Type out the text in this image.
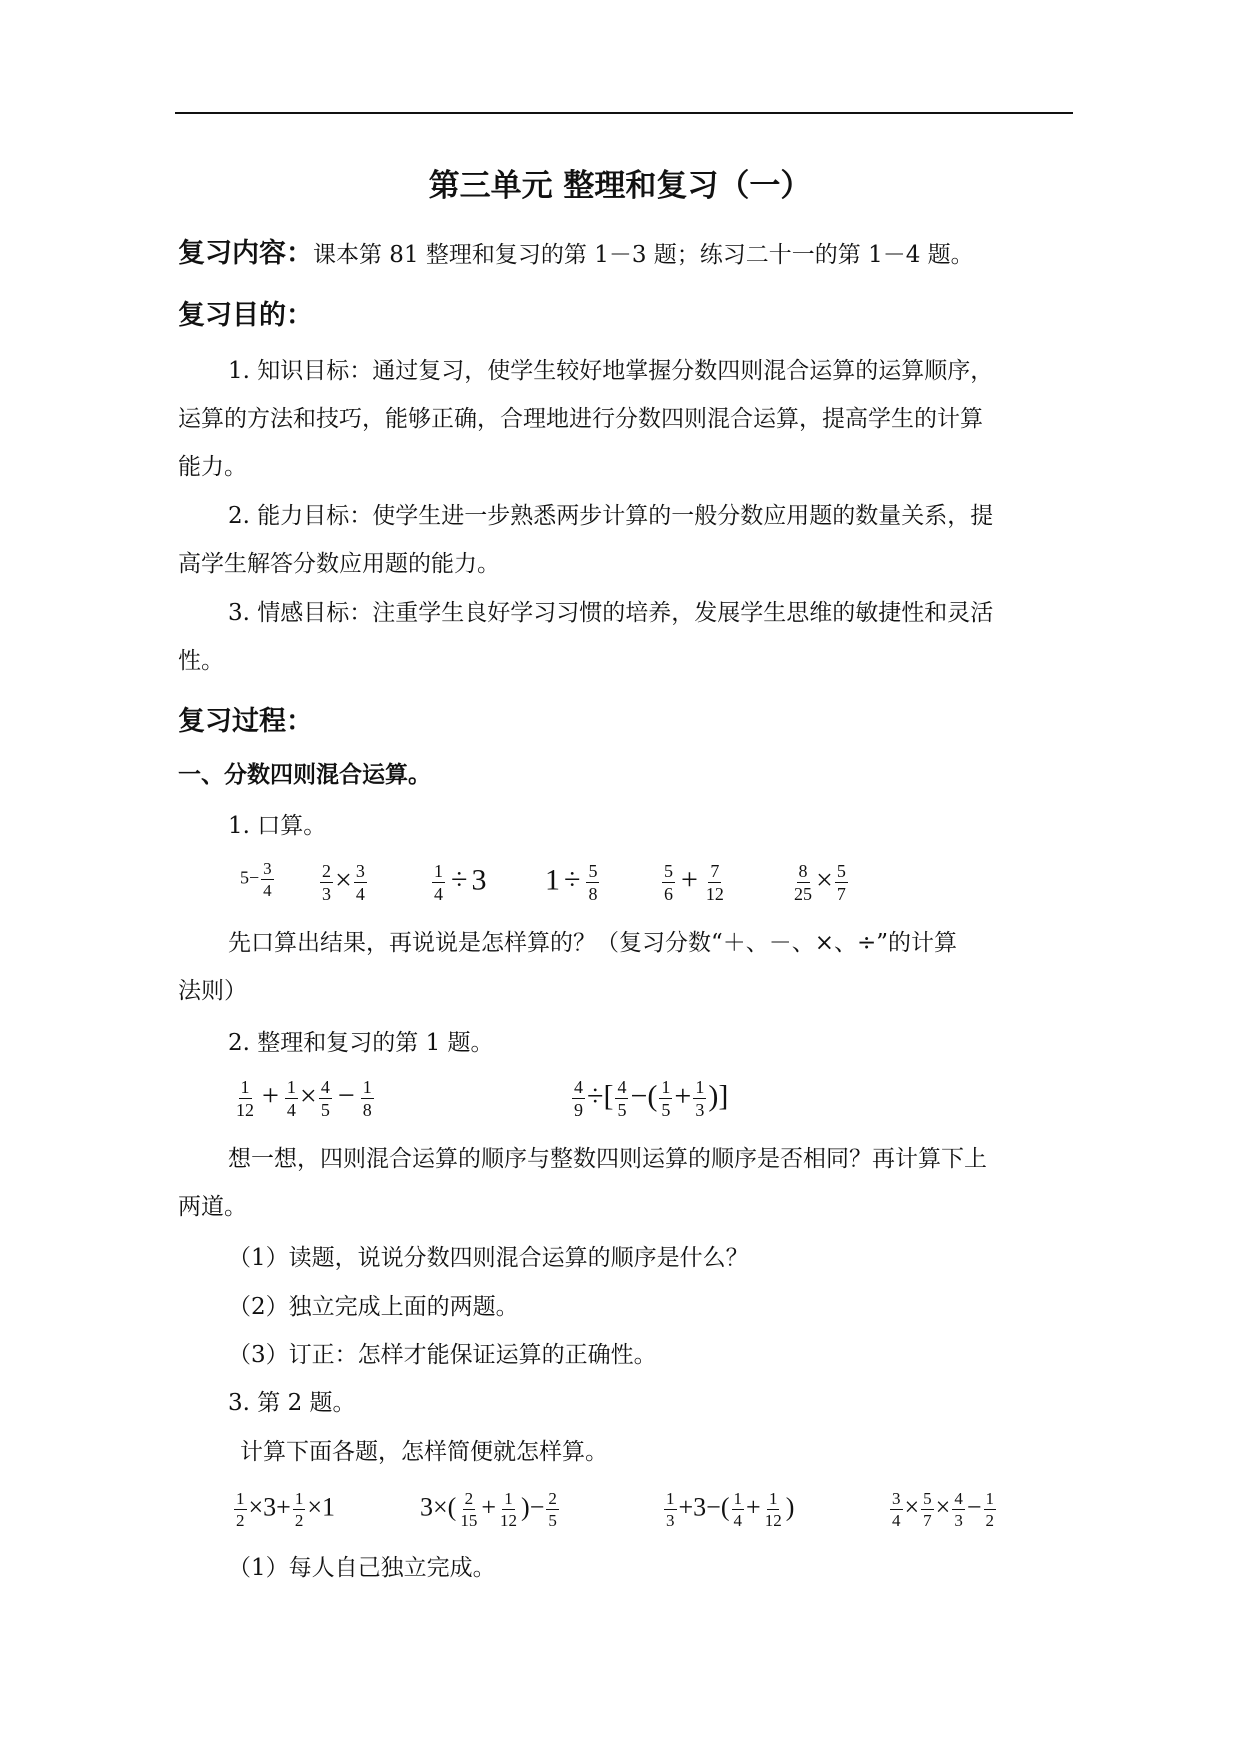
第三单元 整理和复习（一）
复习内容：课本第 81 整理和复习的第 1－3 题；练习二十一的第 1－4 题。
复习目的：
1. 知识目标：通过复习，使学生较好地掌握分数四则混合运算的运算顺序，
运算的方法和技巧，能够正确，合理地进行分数四则混合运算，提高学生的计算
能力。
2. 能力目标：使学生进一步熟悉两步计算的一般分数应用题的数量关系，提
高学生解答分数应用题的能力。
3. 情感目标：注重学生良好学习习惯的培养，发展学生思维的敏捷性和灵活
性。
复习过程：
一、分数四则混合运算。
1. 口算。
$5- \frac{3}{4}$	$\frac{2}{3} \times \frac{3}{4}$	$\frac{1}{4} \div 3$ $1 \div \frac{5}{8}$	$\frac{5}{6} + \frac{7}{12}$	$\frac{8}{25} \times \frac{5}{7}$
先口算出结果，再说说是怎样算的？（复习分数“＋、－、×、÷”的计算
法则）
2. 整理和复习的第 1 题。
$\frac{1}{12} + \frac{1}{4} \times \frac{4}{5} - \frac{1}{8}$	$\frac{4}{9}$ ÷[ $\frac{4}{5}$ −( $\frac{1}{5} + \frac{1}{3}$ )]
想一想，四则混合运算的顺序与整数四则运算的顺序是否相同？再计算下上
两道。
（1）读题，说说分数四则混合运算的顺序是什么？
（2）独立完成上面的两题。
（3）订正：怎样才能保证运算的正确性。
3. 第 2 题。
计算下面各题，怎样简便就怎样算。
$\frac{1}{2} \times 3+ \frac{1}{2} \times 1$	$3\times( \frac{2}{15} + \frac{1}{12}$ )− $\frac{2}{5}$	$\frac{1}{3} +3-( \frac{1}{4} + \frac{1}{12}$ )	$\frac{3}{4} \times \frac{5}{7} \times \frac{4}{3} - \frac{1}{2}$
（1）每人自己独立完成。
